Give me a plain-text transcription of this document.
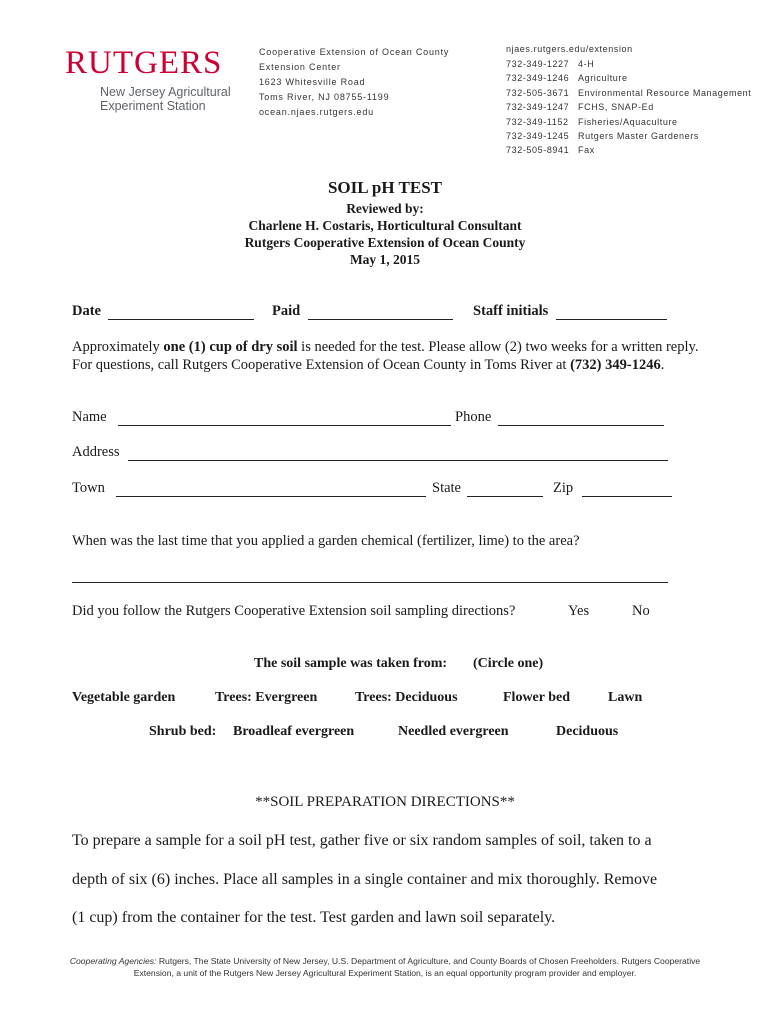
RUTGERS
New Jersey Agricultural
Experiment Station
Cooperative Extension of Ocean County
Extension Center
1623 Whitesville Road
Toms River, NJ 08755-1199
ocean.njaes.rutgers.edu
njaes.rutgers.edu/extension
732-349-1227 4-H
732-349-1246 Agriculture
732-505-3671 Environmental Resource Management
732-349-1247 FCHS, SNAP-Ed
732-349-1152	Fisheries/Aquaculture
732-349-1245 Rutgers Master Gardeners
732-505-8941 Fax
SOIL pH TEST
Reviewed by:
Charlene H. Costaris, Horticultural Consultant
Rutgers Cooperative Extension of Ocean County
May 1, 2015
Date	Paid	Staff initials
Approximately one (1) cup of dry soil is needed for the test. Please allow (2) two weeks for a written reply. For questions, call Rutgers Cooperative Extension of Ocean County in Toms River at (732) 349-1246.
Name	Phone
Address
Town	State	Zip
When was the last time that you applied a garden chemical (fertilizer, lime) to the area?
Did you follow the Rutgers Cooperative Extension soil sampling directions?	Yes	No
The soil sample was taken from: (Circle one)
Vegetable garden	Trees: Evergreen	Trees: Deciduous	Flower bed	Lawn
Shrub bed: Broadleaf evergreen	Needled evergreen	Deciduous
**SOIL PREPARATION DIRECTIONS**
To prepare a sample for a soil pH test, gather five or six random samples of soil, taken to a
depth of six (6) inches. Place all samples in a single container and mix thoroughly. Remove
(1 cup) from the container for the test. Test garden and lawn soil separately.
Cooperating Agencies: Rutgers, The State University of New Jersey, U.S. Department of Agriculture, and County Boards of Chosen Freeholders. Rutgers Cooperative
Extension, a unit of the Rutgers New Jersey Agricultural Experiment Station, is an equal opportunity program provider and employer.
